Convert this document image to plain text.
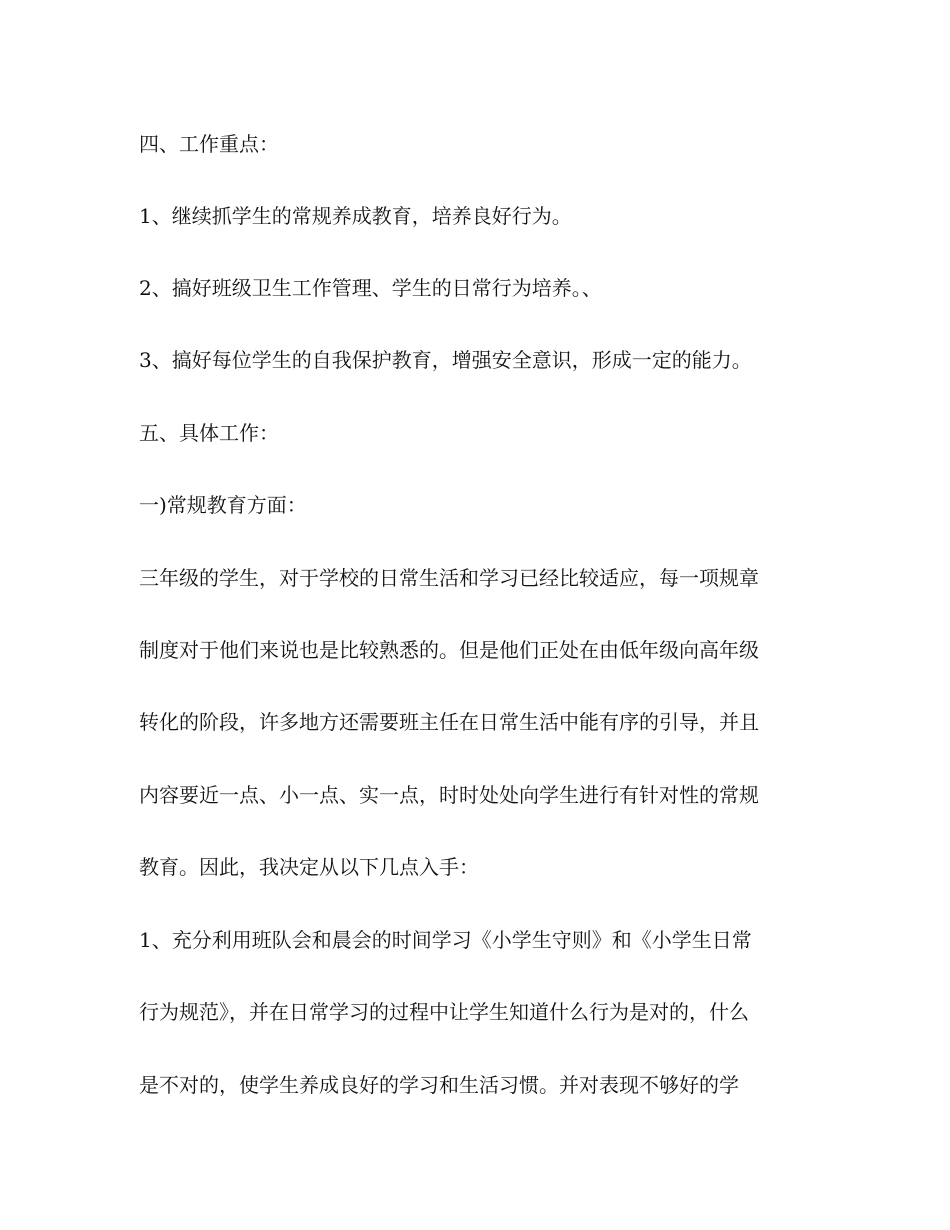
四、工作重点：
1、继续抓学生的常规养成教育，培养良好行为。
2、搞好班级卫生工作管理、学生的日常行为培养。、
3、搞好每位学生的自我保护教育，增强安全意识，形成一定的能力。
五、具体工作：
一)常规教育方面：
三年级的学生，对于学校的日常生活和学习已经比较适应，每一项规章
制度对于他们来说也是比较熟悉的。但是他们正处在由低年级向高年级
转化的阶段，许多地方还需要班主任在日常生活中能有序的引导，并且
内容要近一点、小一点、实一点，时时处处向学生进行有针对性的常规
教育。因此，我决定从以下几点入手：
1、充分利用班队会和晨会的时间学习《小学生守则》和《小学生日常
行为规范》，并在日常学习的过程中让学生知道什么行为是对的，什么
是不对的，使学生养成良好的学习和生活习惯。并对表现不够好的学
